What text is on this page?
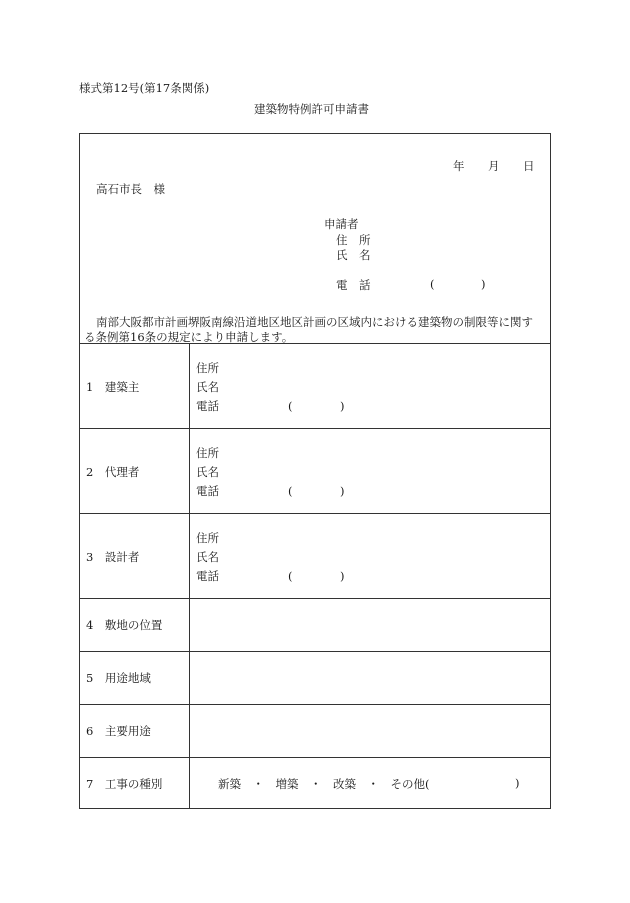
様式第12号(第17条関係)
建築物特例許可申請書
年 月 日
高石市長　様
申請者
住　所
氏　名
電　話	(	)
南部大阪都市計画堺阪南線沿道地区地区計画の区域内における建築物の制限等に関す
る条例第16条の規定により申請します。
1　建築主
住所
氏名
電話	(	)
2　代理者
住所
氏名
電話	(	)
3　設計者
住所
氏名
電話	(	)
4　敷地の位置
5　用途地域
6　主要用途
7　工事の種別	新築　・　増築　・　改築　・　その他(	)
